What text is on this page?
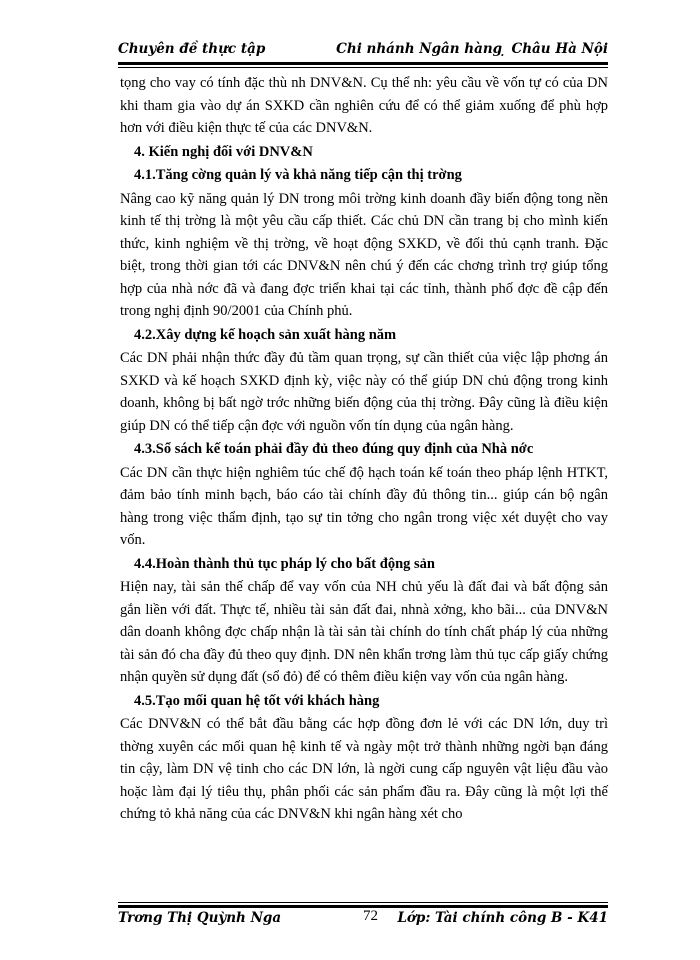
Chuyên đề thực tập	Chi nhánh Ngân hàng ̣ Châu Hà Nội

tọng cho vay có tính đặc thù nh DNV&N. Cụ thể nh: yêu cầu về vốn tự có của DN khi tham gia vào dự án SXKD cần nghiên cứu để có thể giảm xuống để phù hợp hơn với điều kiện thực tế của các DNV&N.

4. Kiến nghị đối với DNV&N
4.1.Tăng cờng quản lý và khả năng tiếp cận thị trờng

Nâng cao kỹ năng quản lý DN trong môi trờng kinh doanh đầy biến động tong nền kinh tế thị trờng là một yêu cầu cấp thiết. Các chủ DN cần trang bị cho mình kiến thức, kinh nghiệm về thị trờng, về hoạt động SXKD, về đối thủ cạnh tranh. Đặc biệt, trong thời gian tới các DNV&N nên chú ý đến các chơng trình trợ giúp tổng hợp của nhà nớc đã và đang đợc triển khai tại các tỉnh, thành phố đợc đề cập đến trong nghị định 90/2001 của Chính phủ.

4.2.Xây dựng kế hoạch sản xuất hàng năm

Các DN phải nhận thức đầy đủ tầm quan trọng, sự cần thiết của việc lập phơng án SXKD và kế hoạch SXKD định kỳ, việc này có thể giúp DN chủ động trong kinh doanh, không bị bất ngờ trớc những biến động của thị trờng. Đây cũng là điều kiện giúp DN có thể tiếp cận đợc với nguồn vốn tín dụng của ngân hàng.

4.3.Sổ sách kế toán phải đầy đủ theo đúng quy định của Nhà nớc

Các DN cần thực hiện nghiêm túc chế độ hạch toán kế toán theo pháp lệnh HTKT, đảm bảo tính minh bạch, báo cáo tài chính đầy đủ thông tin... giúp cán bộ ngân hàng trong việc thẩm định, tạo sự tin tởng cho ngân trong việc xét duyệt cho vay vốn.

4.4.Hoàn thành thủ tục pháp lý cho bất động sản

Hiện nay, tài sản thế chấp để vay vốn của NH chủ yếu là đất đai và bất động sản gắn liền với đất. Thực tế, nhiều tài sản đất đai, nhnà xởng, kho bãi... của DNV&N dân doanh không đợc chấp nhận là tài sản tài chính do tính chất pháp lý của những tài sản đó cha đầy đủ theo quy định. DN nên khẩn trơng làm thủ tục cấp giấy chứng nhận quyền sử dụng đất (sổ đỏ) để có thêm điều kiện vay vốn của ngân hàng.

4.5.Tạo mối quan hệ tốt với khách hàng

Các DNV&N có thể bắt đầu bằng các hợp đồng đơn lẻ với các DN lớn, duy trì thờng xuyên các mối quan hệ kinh tế và ngày một trở thành những ngời bạn đáng tin cậy, làm DN vệ tinh cho các DN lớn, là ngời cung cấp nguyên vật liệu đầu vào hoặc làm đại lý tiêu thụ, phân phối các sản phẩm đầu ra. Đây cũng là một lợi thế chứng tỏ khả năng của các DNV&N khi ngân hàng xét cho

Trơng Thị Quỳnh Nga	72 Lớp: Tài chính công B - K41
